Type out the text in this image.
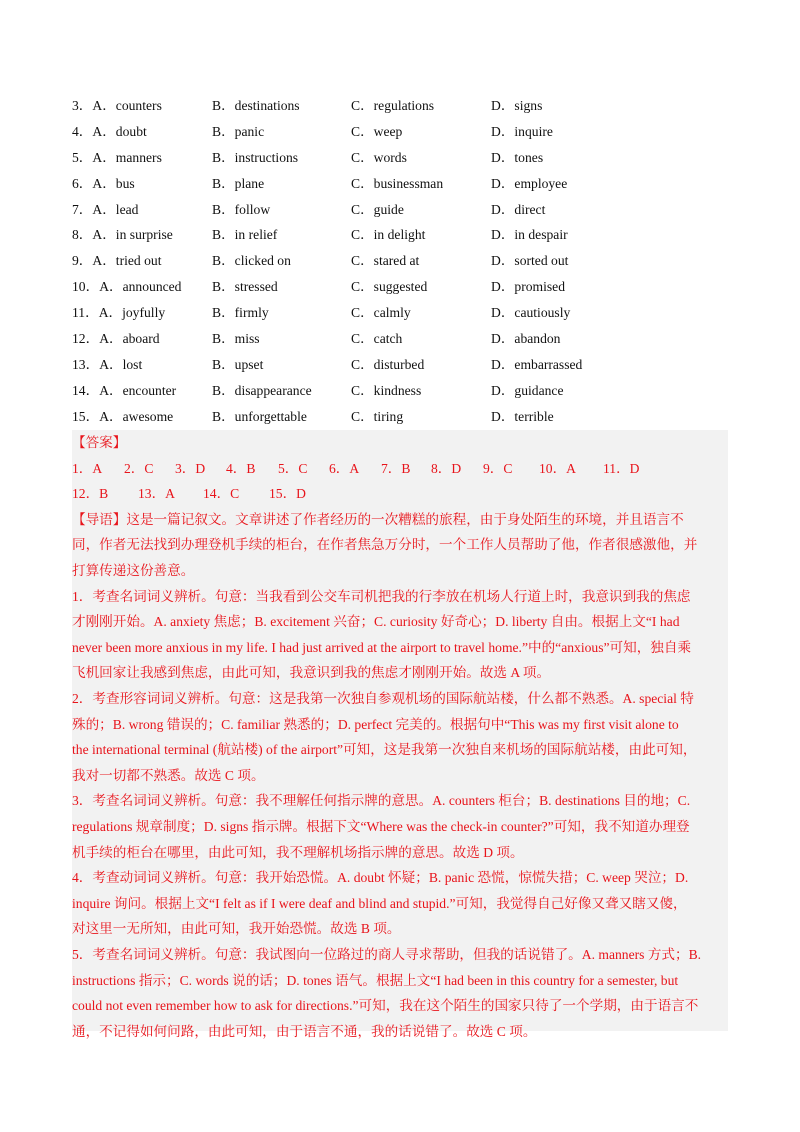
3．A．counters	B．destinations	C．regulations	D．signs
4．A．doubt	B．panic	C．weep	D．inquire
5．A．manners	B．instructions	C．words	D．tones
6．A．bus	B．plane	C．businessman	D．employee
7．A．lead	B．follow	C．guide	D．direct
8．A．in surprise	B．in relief	C．in delight	D．in despair
9．A．tried out	B．clicked on	C．stared at	D．sorted out
10．A．announced B．stressed	C．suggested	D．promised
11．A．joyfully	B．firmly	C．calmly	D．cautiously
12．A．aboard	B．miss	C．catch	D．abandon
13．A．lost	B．upset	C．disturbed	D．embarrassed
14．A．encounter	B．disappearance	C．kindness	D．guidance
15．A．awesome	B．unforgettable	C．tiring	D．terrible
【答案】
1．A 2．C 3．D 4．B 5．C 6．A 7．B 8．D 9．C 10．A 11．D
12．B 13．A 14．C 15．D
【导语】这是一篇记叙文。文章讲述了作者经历的一次糟糕的旅程，由于身处陌生的环境，并且语言不
同，作者无法找到办理登机手续的柜台，在作者焦急万分时，一个工作人员帮助了他，作者很感激他，并
打算传递这份善意。
1．考查名词词义辨析。句意：当我看到公交车司机把我的行李放在机场人行道上时，我意识到我的焦虑
才刚刚开始。A. anxiety 焦虑；B. excitement 兴奋；C. curiosity 好奇心；D. liberty 自由。根据上文“I had
never been more anxious in my life. I had just arrived at the airport to travel home.”中的“anxious”可知，独自乘
飞机回家让我感到焦虑，由此可知，我意识到我的焦虑才刚刚开始。故选 A 项。
2．考查形容词词义辨析。句意：这是我第一次独自参观机场的国际航站楼，什么都不熟悉。A. special 特
殊的；B. wrong 错误的；C. familiar 熟悉的；D. perfect 完美的。根据句中“This was my first visit alone to
the international terminal (航站楼) of the airport”可知，这是我第一次独自来机场的国际航站楼，由此可知，
我对一切都不熟悉。故选 C 项。
3．考查名词词义辨析。句意：我不理解任何指示牌的意思。A. counters 柜台；B. destinations 目的地；C.
regulations 规章制度；D. signs 指示牌。根据下文“Where was the check-in counter?”可知，我不知道办理登
机手续的柜台在哪里，由此可知，我不理解机场指示牌的意思。故选 D 项。
4．考查动词词义辨析。句意：我开始恐慌。A. doubt 怀疑；B. panic 恐慌，惊慌失措；C. weep 哭泣；D.
inquire 询问。根据上文“I felt as if I were deaf and blind and stupid.”可知，我觉得自己好像又聋又瞎又傻，
对这里一无所知，由此可知，我开始恐慌。故选 B 项。
5．考查名词词义辨析。句意：我试图向一位路过的商人寻求帮助，但我的话说错了。A. manners 方式；B.
instructions 指示；C. words 说的话；D. tones 语气。根据上文“I had been in this country for a semester, but
could not even remember how to ask for directions.”可知，我在这个陌生的国家只待了一个学期，由于语言不
通，不记得如何问路，由此可知，由于语言不通，我的话说错了。故选 C 项。
